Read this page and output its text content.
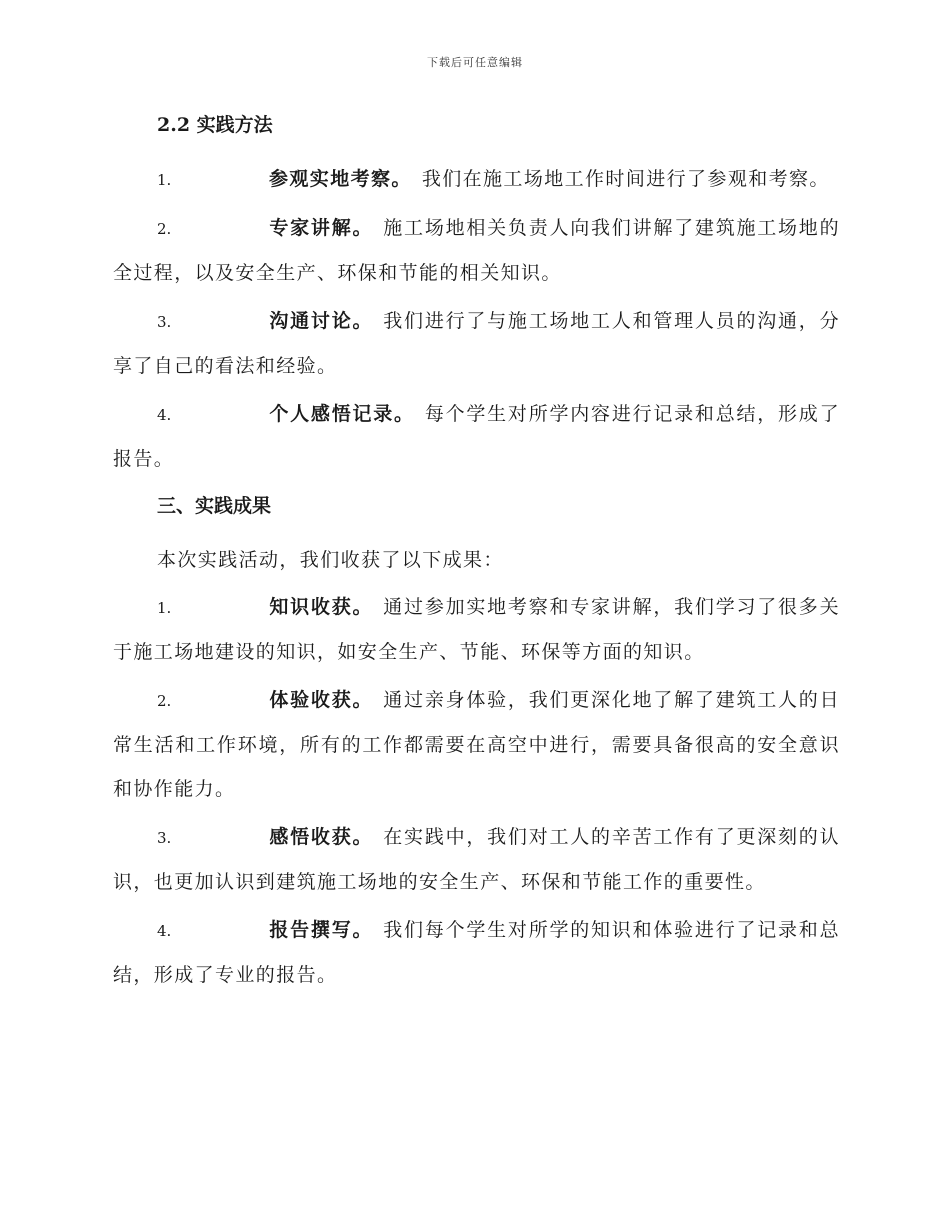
下载后可任意编辑
2.2 实践方法
1.	参观实地考察。 我们在施工场地工作时间进行了参观和考察。
2.	专家讲解。 施工场地相关负责人向我们讲解了建筑施工场地的全过程，以及安全生产、环保和节能的相关知识。
3.	沟通讨论。 我们进行了与施工场地工人和管理人员的沟通，分享了自己的看法和经验。
4.	个人感悟记录。 每个学生对所学内容进行记录和总结，形成了报告。
三、实践成果
本次实践活动，我们收获了以下成果：
1.	知识收获。 通过参加实地考察和专家讲解，我们学习了很多关于施工场地建设的知识，如安全生产、节能、环保等方面的知识。
2.	体验收获。 通过亲身体验，我们更深化地了解了建筑工人的日常生活和工作环境，所有的工作都需要在高空中进行，需要具备很高的安全意识和协作能力。
3.	感悟收获。 在实践中，我们对工人的辛苦工作有了更深刻的认识，也更加认识到建筑施工场地的安全生产、环保和节能工作的重要性。
4.	报告撰写。 我们每个学生对所学的知识和体验进行了记录和总结，形成了专业的报告。
